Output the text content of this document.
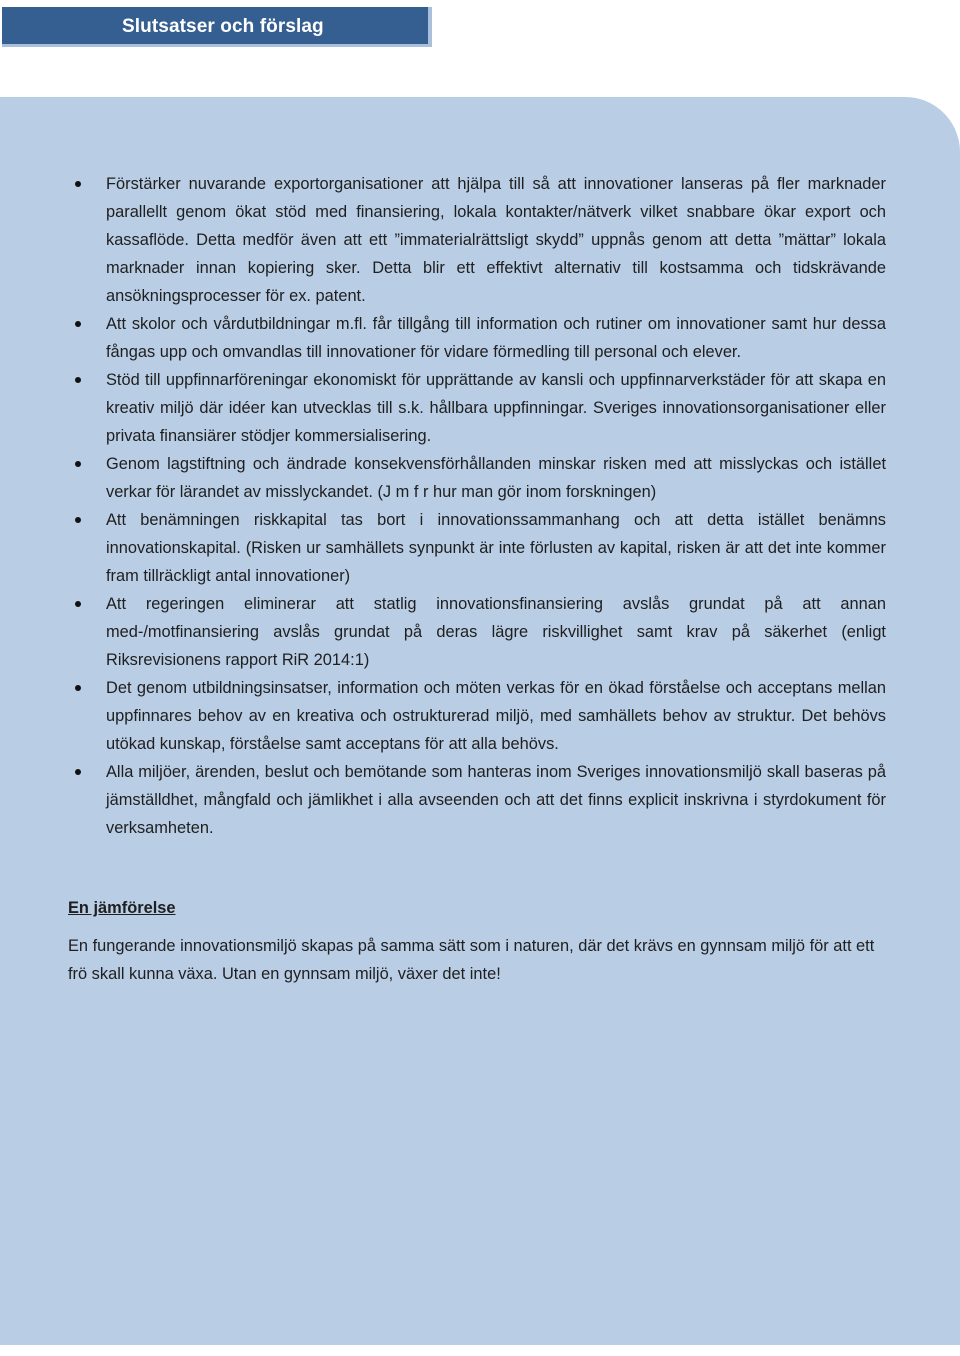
Slutsatser och förslag
Förstärker nuvarande exportorganisationer att hjälpa till så att innovationer lanseras på fler marknader parallellt genom ökat stöd med finansiering, lokala kontakter/nätverk vilket snabbare ökar export och kassaflöde. Detta medför även att ett ”immaterialrättsligt skydd” uppnås genom att detta ”mättar” lokala marknader innan kopiering sker. Detta blir ett effektivt alternativ till kostsamma och tidskrävande ansökningsprocesser för ex. patent.
Att skolor och vårdutbildningar m.fl. får tillgång till information och rutiner om innovationer samt hur dessa fångas upp och omvandlas till innovationer för vidare förmedling till personal och elever.
Stöd till uppfinnarföreningar ekonomiskt för upprättande av kansli och uppfinnarverkstäder för att skapa en kreativ miljö där idéer kan utvecklas till s.k. hållbara uppfinningar. Sveriges innovationsorganisationer eller privata finansiärer stödjer kommersialisering.
Genom lagstiftning och ändrade konsekvensförhållanden minskar risken med att misslyckas och istället verkar för lärandet av misslyckandet. (J m f r hur man gör inom forskningen)
Att benämningen riskkapital tas bort i innovationssammanhang och att detta istället benämns innovationskapital. (Risken ur samhällets synpunkt är inte förlusten av kapital, risken är att det inte kommer fram tillräckligt antal innovationer)
Att regeringen eliminerar att statlig innovationsfinansiering avslås grundat på att annan med-/motfinansiering avslås grundat på deras lägre riskvillighet samt krav på säkerhet (enligt Riksrevisionens rapport RiR 2014:1)
Det genom utbildningsinsatser, information och möten verkas för en ökad förståelse och acceptans mellan uppfinnares behov av en kreativa och ostrukturerad miljö, med samhällets behov av struktur. Det behövs utökad kunskap, förståelse samt acceptans för att alla behövs.
Alla miljöer, ärenden, beslut och bemötande som hanteras inom Sveriges innovationsmiljö skall baseras på jämställdhet, mångfald och jämlikhet i alla avseenden och att det finns explicit inskrivna i styrdokument för verksamheten.

En jämförelse

En fungerande innovationsmiljö skapas på samma sätt som i naturen, där det krävs en gynnsam miljö för att ett frö skall kunna växa. Utan en gynnsam miljö, växer det inte!
